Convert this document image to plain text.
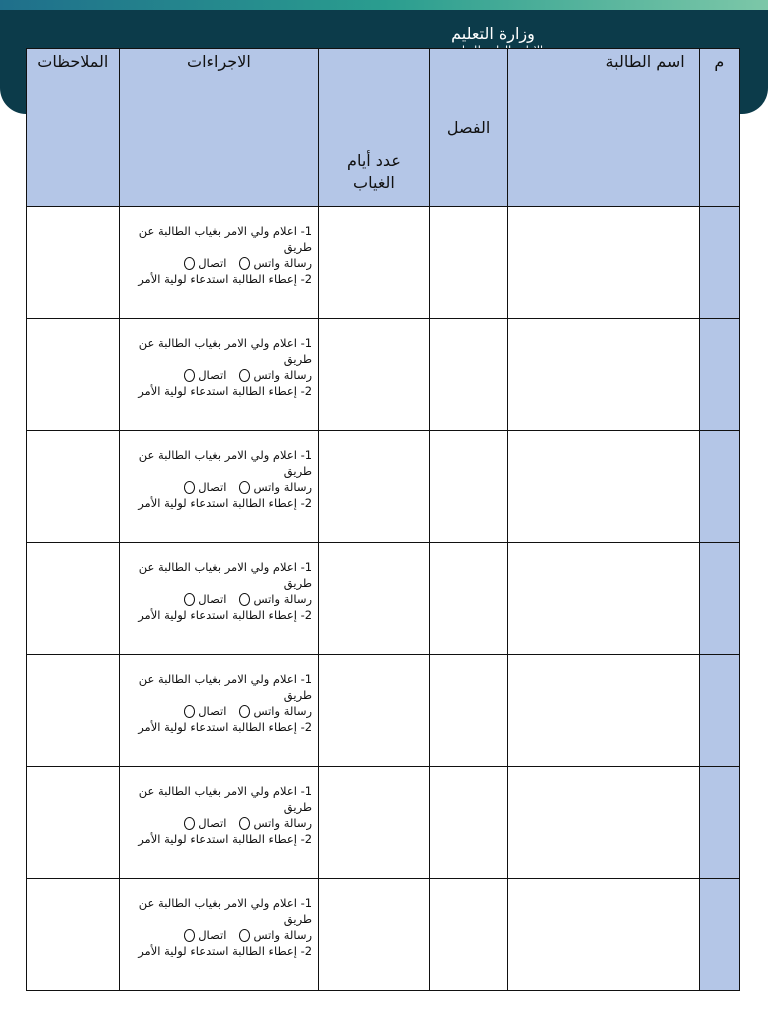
وزارة التعليم
م	اسم الطالبة	الفصل	عدد أيام الغياب	الاجراءات	الملاحظات

				1- اعلام ولي الامر بغياب الطالبة عن طريق
رسالة واتس
اتصال
2- إعطاء الطالبة استدعاء لولية الأمر	

				1- اعلام ولي الامر بغياب الطالبة عن طريق
رسالة واتس
اتصال
2- إعطاء الطالبة استدعاء لولية الأمر	

				1- اعلام ولي الامر بغياب الطالبة عن طريق
رسالة واتس
اتصال
2- إعطاء الطالبة استدعاء لولية الأمر	

				1- اعلام ولي الامر بغياب الطالبة عن طريق
رسالة واتس
اتصال
2- إعطاء الطالبة استدعاء لولية الأمر	

				1- اعلام ولي الامر بغياب الطالبة عن طريق
رسالة واتس
اتصال
2- إعطاء الطالبة استدعاء لولية الأمر	

				1- اعلام ولي الامر بغياب الطالبة عن طريق
رسالة واتس
اتصال
2- إعطاء الطالبة استدعاء لولية الأمر	

				1- اعلام ولي الامر بغياب الطالبة عن طريق
رسالة واتس
اتصال
2- إعطاء الطالبة استدعاء لولية الأمر	
